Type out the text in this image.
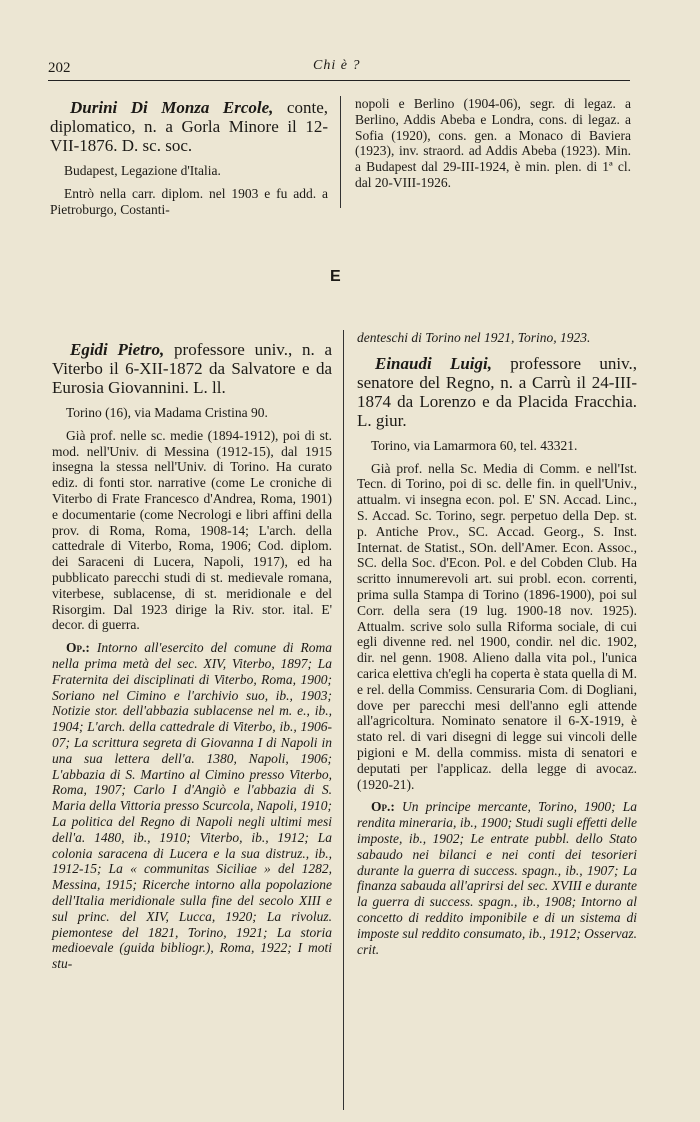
202	Chi è ?

Durini Di Monza Ercole, conte, diplomatico, n. a Gorla Minore il 12-VII-1876. D. sc. soc.

Budapest, Legazione d'Italia.

Entrò nella carr. diplom. nel 1903 e fu add. a Pietroburgo, Costanti-

nopoli e Berlino (1904-06), segr. di legaz. a Berlino, Addis Abeba e Londra, cons. di legaz. a Sofia (1920), cons. gen. a Monaco di Baviera (1923), inv. straord. ad Addis Abeba (1923). Min. a Budapest dal 29-III-1924, è min. plen. di 1ª cl. dal 20-VIII-1926.

E

Egidi Pietro, professore univ., n. a Viterbo il 6-XII-1872 da Salvatore e da Eurosia Giovannini. L. ll.

Torino (16), via Madama Cristina 90.

Già prof. nelle sc. medie (1894-1912), poi di st. mod. nell'Univ. di Messina (1912-15), dal 1915 insegna la stessa nell'Univ. di Torino. Ha curato ediz. di fonti stor. narrative (come Le croniche di Viterbo di Frate Francesco d'Andrea, Roma, 1901) e documentarie (come Necrologi e libri affini della prov. di Roma, Roma, 1908-14; L'arch. della cattedrale di Viterbo, Roma, 1906; Cod. diplom. dei Saraceni di Lucera, Napoli, 1917), ed ha pubblicato parecchi studi di st. medievale romana, viterbese, sublacense, di st. meridionale e del Risorgim. Dal 1923 dirige la Riv. stor. ital. E' decor. di guerra.

Op.: Intorno all'esercito del comune di Roma nella prima metà del sec. XIV, Viterbo, 1897; La Fraternita dei disciplinati di Viterbo, Roma, 1900; Soriano nel Cimino e l'archivio suo, ib., 1903; Notizie stor. dell'abbazia sublacense nel m. e., ib., 1904; L'arch. della cattedrale di Viterbo, ib., 1906-07; La scrittura segreta di Giovanna I di Napoli in una sua lettera dell'a. 1380, Napoli, 1906; L'abbazia di S. Martino al Cimino presso Viterbo, Roma, 1907; Carlo I d'Angiò e l'abbazia di S. Maria della Vittoria presso Scurcola, Napoli, 1910; La politica del Regno di Napoli negli ultimi mesi dell'a. 1480, ib., 1910; Viterbo, ib., 1912; La colonia saracena di Lucera e la sua distruz., ib., 1912-15; La « communitas Siciliae » del 1282, Messina, 1915; Ricerche intorno alla popolazione dell'Italia meridionale sulla fine del secolo XIII e sul princ. del XIV, Lucca, 1920; La rivoluz. piemontese del 1821, Torino, 1921; La storia medioevale (guida bibliogr.), Roma, 1922; I moti stu-

denteschi di Torino nel 1921, Torino, 1923.

Einaudi Luigi, professore univ., senatore del Regno, n. a Carrù il 24-III-1874 da Lorenzo e da Placida Fracchia. L. giur.

Torino, via Lamarmora 60, tel. 43321.

Già prof. nella Sc. Media di Comm. e nell'Ist. Tecn. di Torino, poi di sc. delle fin. in quell'Univ., attualm. vi insegna econ. pol. E' SN. Accad. Linc., S. Accad. Sc. Torino, segr. perpetuo della Dep. st. p. Antiche Prov., SC. Accad. Georg., S. Inst. Internat. de Statist., SOn. dell'Amer. Econ. Assoc., SC. della Soc. d'Econ. Pol. e del Cobden Club. Ha scritto innumerevoli art. sui probl. econ. correnti, prima sulla Stampa di Torino (1896-1900), poi sul Corr. della sera (19 lug. 1900-18 nov. 1925). Attualm. scrive solo sulla Riforma sociale, di cui egli divenne red. nel 1900, condir. nel dic. 1902, dir. nel genn. 1908. Alieno dalla vita pol., l'unica carica elettiva ch'egli ha coperta è stata quella di M. e rel. della Commiss. Censuraria Com. di Dogliani, dove per parecchi mesi dell'anno egli attende all'agricoltura. Nominato senatore il 6-X-1919, è stato rel. di vari disegni di legge sui vincoli delle pigioni e M. della commiss. mista di senatori e deputati per l'applicaz. della legge di avocaz. (1920-21).

Op.: Un principe mercante, Torino, 1900; La rendita mineraria, ib., 1900; Studi sugli effetti delle imposte, ib., 1902; Le entrate pubbl. dello Stato sabaudo nei bilanci e nei conti dei tesorieri durante la guerra di success. spagn., ib., 1907; La finanza sabauda all'aprirsi del sec. XVIII e durante la guerra di success. spagn., ib., 1908; Intorno al concetto di reddito imponibile e di un sistema di imposte sul reddito consumato, ib., 1912; Osservaz. crit.
